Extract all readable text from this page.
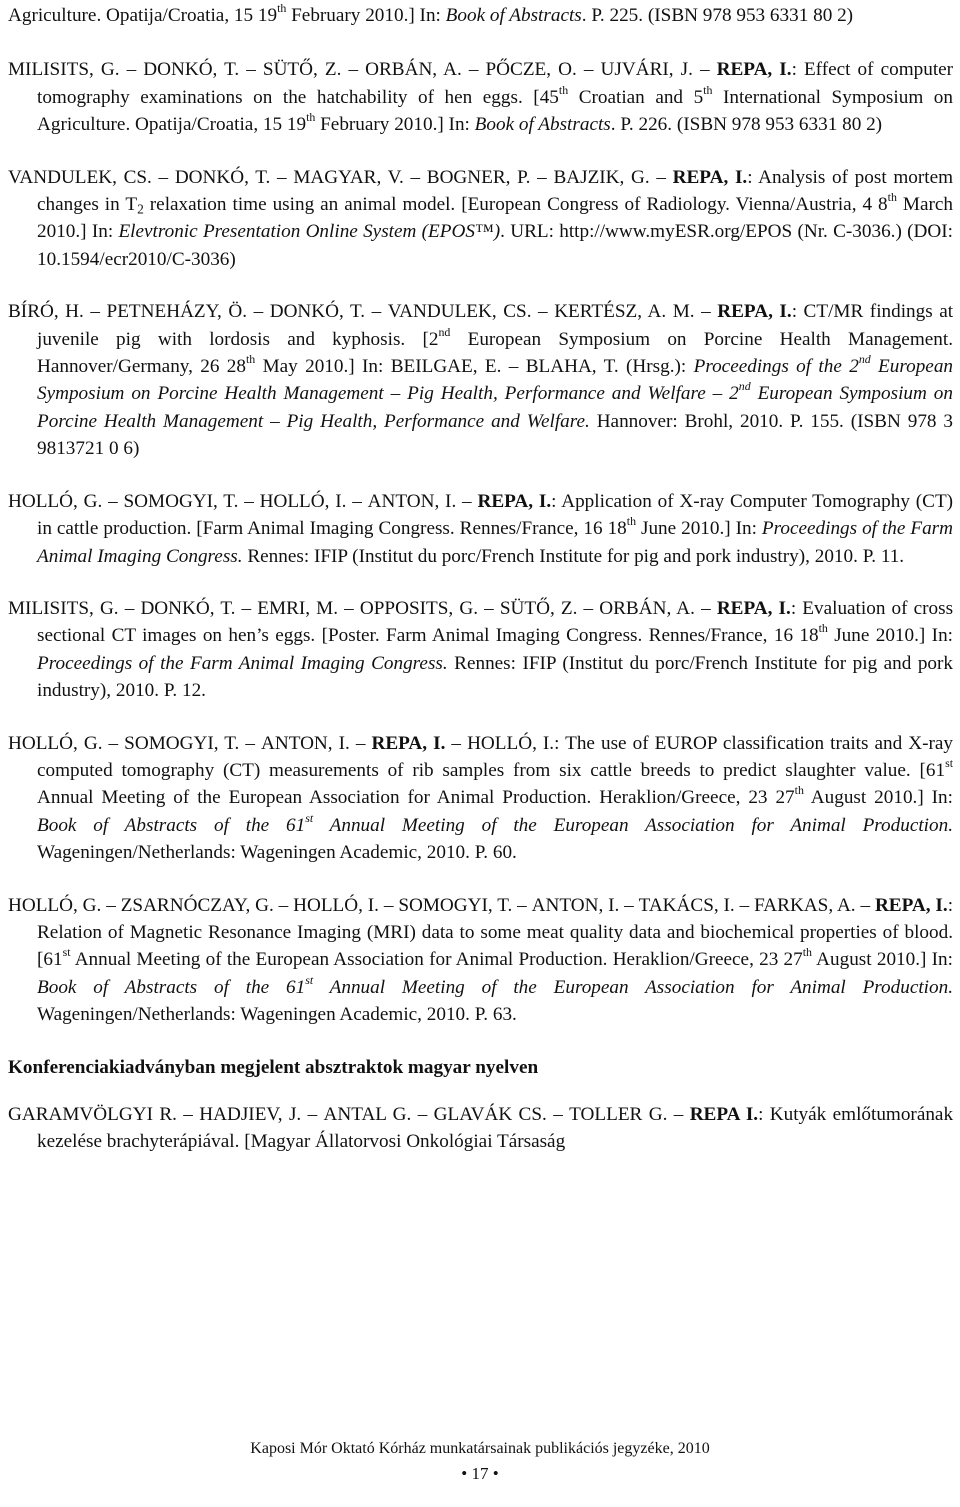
Agriculture. Opatija/Croatia, 15 19th February 2010.] In: Book of Abstracts. P. 225. (ISBN 978 953 6331 80 2)

MILISITS, G. – DONKÓ, T. – SÜTŐ, Z. – ORBÁN, A. – PŐCZE, O. – UJVÁRI, J. – REPA, I.: Effect of computer tomography examinations on the hatchability of hen eggs. [45th Croatian and 5th International Symposium on Agriculture. Opatija/Croatia, 15 19th February 2010.] In: Book of Abstracts. P. 226. (ISBN 978 953 6331 80 2)

VANDULEK, CS. – DONKÓ, T. – MAGYAR, V. – BOGNER, P. – BAJZIK, G. – REPA, I.: Analysis of post mortem changes in $T_2$ relaxation time using an animal model. [European Congress of Radiology. Vienna/Austria, 4 8th March 2010.] In: Elevtronic Presentation Online System (EPOS™). URL: http://www.myESR.org/EPOS (Nr. C-3036.) (DOI: 10.1594/ecr2010/C-3036)

BÍRÓ, H. – PETNEHÁZY, Ö. – DONKÓ, T. – VANDULEK, CS. – KERTÉSZ, A. M. – REPA, I.: CT/MR findings at juvenile pig with lordosis and kyphosis. [2nd European Symposium on Porcine Health Management. Hannover/Germany, 26 28th May 2010.] In: BEILGAE, E. – BLAHA, T. (Hrsg.): Proceedings of the 2nd European Symposium on Porcine Health Management – Pig Health, Performance and Welfare – 2nd European Symposium on Porcine Health Management – Pig Health, Performance and Welfare. Hannover: Brohl, 2010. P. 155. (ISBN 978 3 9813721 0 6)

HOLLÓ, G. – SOMOGYI, T. – HOLLÓ, I. – ANTON, I. – REPA, I.: Application of X-ray Computer Tomography (CT) in cattle production. [Farm Animal Imaging Congress. Rennes/France, 16 18th June 2010.] In: Proceedings of the Farm Animal Imaging Congress. Rennes: IFIP (Institut du porc/French Institute for pig and pork industry), 2010. P. 11.

MILISITS, G. – DONKÓ, T. – EMRI, M. – OPPOSITS, G. – SÜTŐ, Z. – ORBÁN, A. – REPA, I.: Evaluation of cross sectional CT images on hen’s eggs. [Poster. Farm Animal Imaging Congress. Rennes/France, 16 18th June 2010.] In: Proceedings of the Farm Animal Imaging Congress. Rennes: IFIP (Institut du porc/French Institute for pig and pork industry), 2010. P. 12.

HOLLÓ, G. – SOMOGYI, T. – ANTON, I. – REPA, I. – HOLLÓ, I.: The use of EUROP classification traits and X-ray computed tomography (CT) measurements of rib samples from six cattle breeds to predict slaughter value. [61st Annual Meeting of the European Association for Animal Production. Heraklion/Greece, 23 27th August 2010.] In: Book of Abstracts of the 61st Annual Meeting of the European Association for Animal Production. Wageningen/Netherlands: Wageningen Academic, 2010. P. 60.

HOLLÓ, G. – ZSARNÓCZAY, G. – HOLLÓ, I. – SOMOGYI, T. – ANTON, I. – TAKÁCS, I. – FARKAS, A. – REPA, I.: Relation of Magnetic Resonance Imaging (MRI) data to some meat quality data and biochemical properties of blood. [61st Annual Meeting of the European Association for Animal Production. Heraklion/Greece, 23 27th August 2010.] In: Book of Abstracts of the 61st Annual Meeting of the European Association for Animal Production. Wageningen/Netherlands: Wageningen Academic, 2010. P. 63.

Konferenciakiadványban megjelent absztraktok magyar nyelven

GARAMVÖLGYI R. – HADJIEV, J. – ANTAL G. – GLAVÁK CS. – TOLLER G. – REPA I.: Kutyák emlőtumorának kezelése brachyterápiával. [Magyar Állatorvosi Onkológiai Társaság

Kaposi Mór Oktató Kórház munkatársainak publikációs jegyzéke, 2010
• 17 •
